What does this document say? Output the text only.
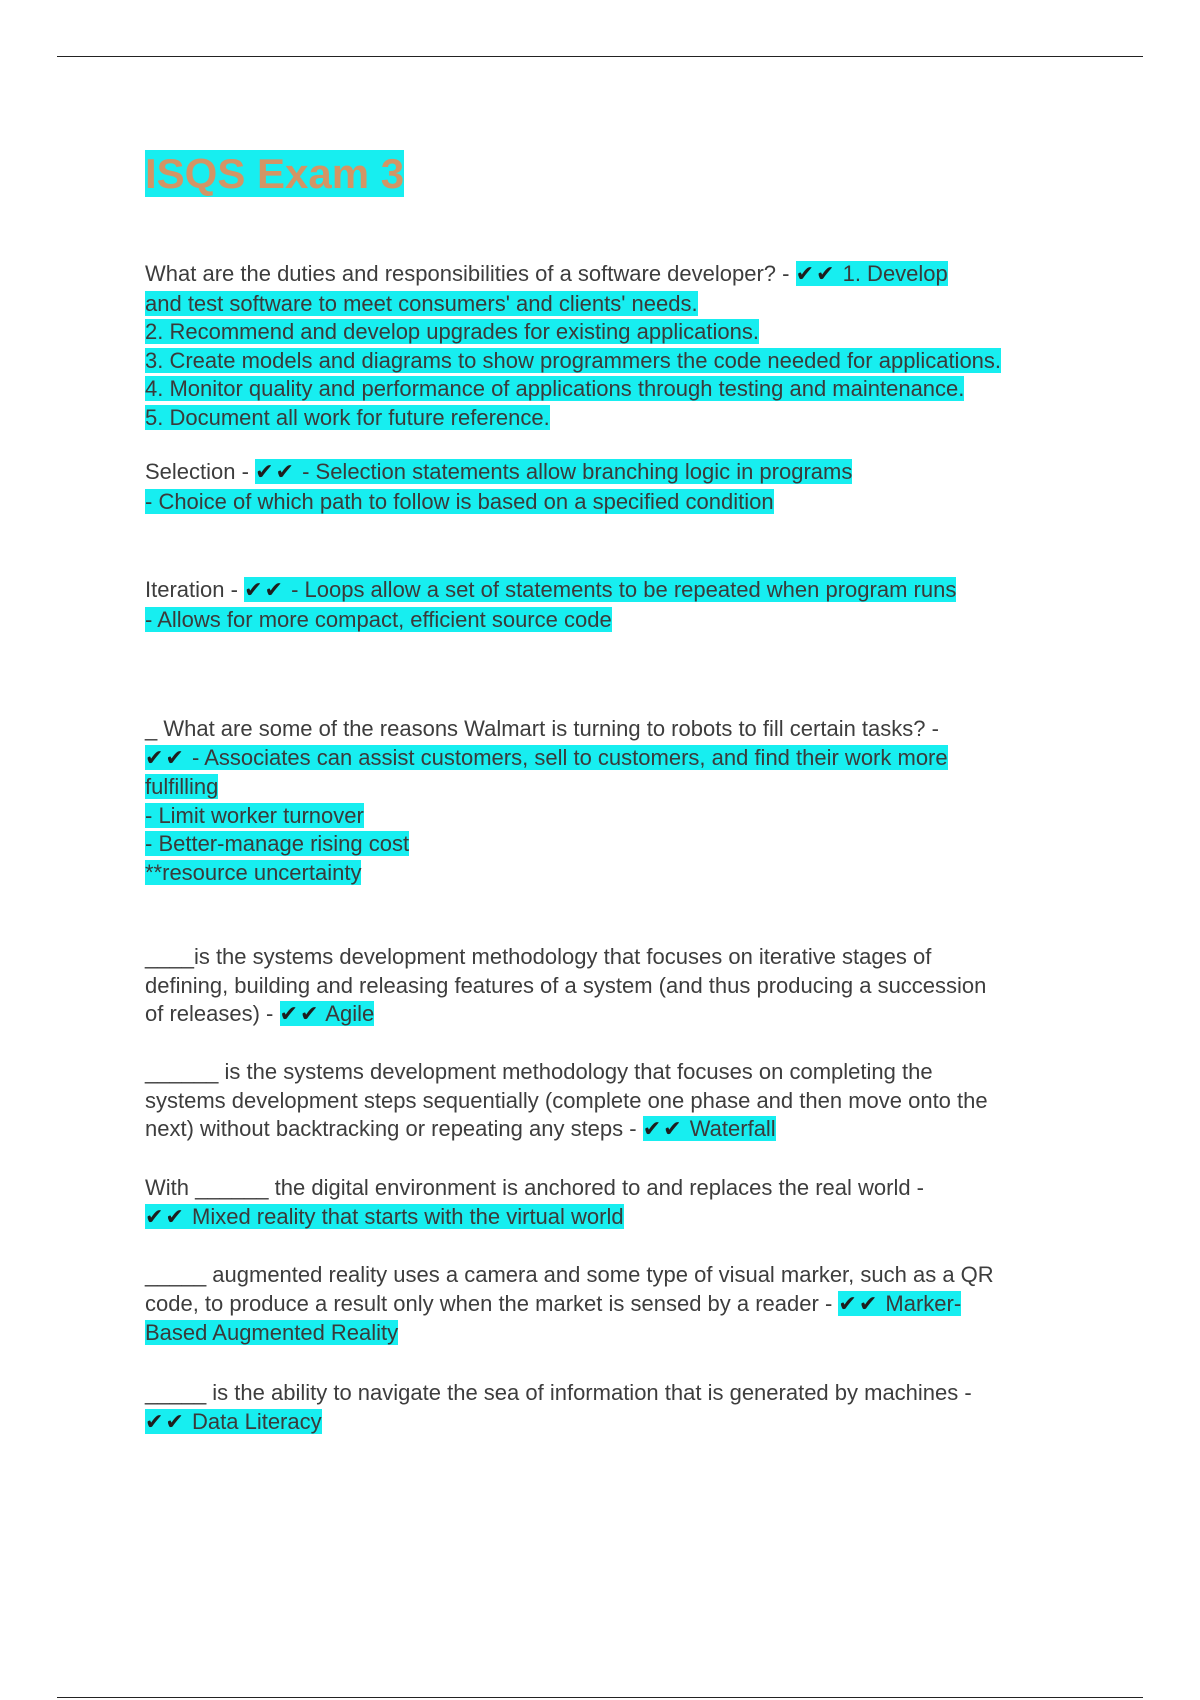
ISQS Exam 3
What are the duties and responsibilities of a software developer? - ✔✔ 1. Develop
and test software to meet consumers' and clients' needs.
2. Recommend and develop upgrades for existing applications.
3. Create models and diagrams to show programmers the code needed for applications.
4. Monitor quality and performance of applications through testing and maintenance.
5. Document all work for future reference.
Selection - ✔✔ - Selection statements allow branching logic in programs
- Choice of which path to follow is based on a specified condition
Iteration - ✔✔ - Loops allow a set of statements to be repeated when program runs
- Allows for more compact, efficient source code
_ What are some of the reasons Walmart is turning to robots to fill certain tasks? -
✔✔ - Associates can assist customers, sell to customers, and find their work more
fulfilling
- Limit worker turnover
- Better-manage rising cost
**resource uncertainty
____is the systems development methodology that focuses on iterative stages of
defining, building and releasing features of a system (and thus producing a succession
of releases) - ✔✔ Agile
______ is the systems development methodology that focuses on completing the
systems development steps sequentially (complete one phase and then move onto the
next) without backtracking or repeating any steps - ✔✔ Waterfall
With ______ the digital environment is anchored to and replaces the real world -
✔✔ Mixed reality that starts with the virtual world
_____ augmented reality uses a camera and some type of visual marker, such as a QR
code, to produce a result only when the market is sensed by a reader - ✔✔ Marker-
Based Augmented Reality
_____ is the ability to navigate the sea of information that is generated by machines -
✔✔ Data Literacy
